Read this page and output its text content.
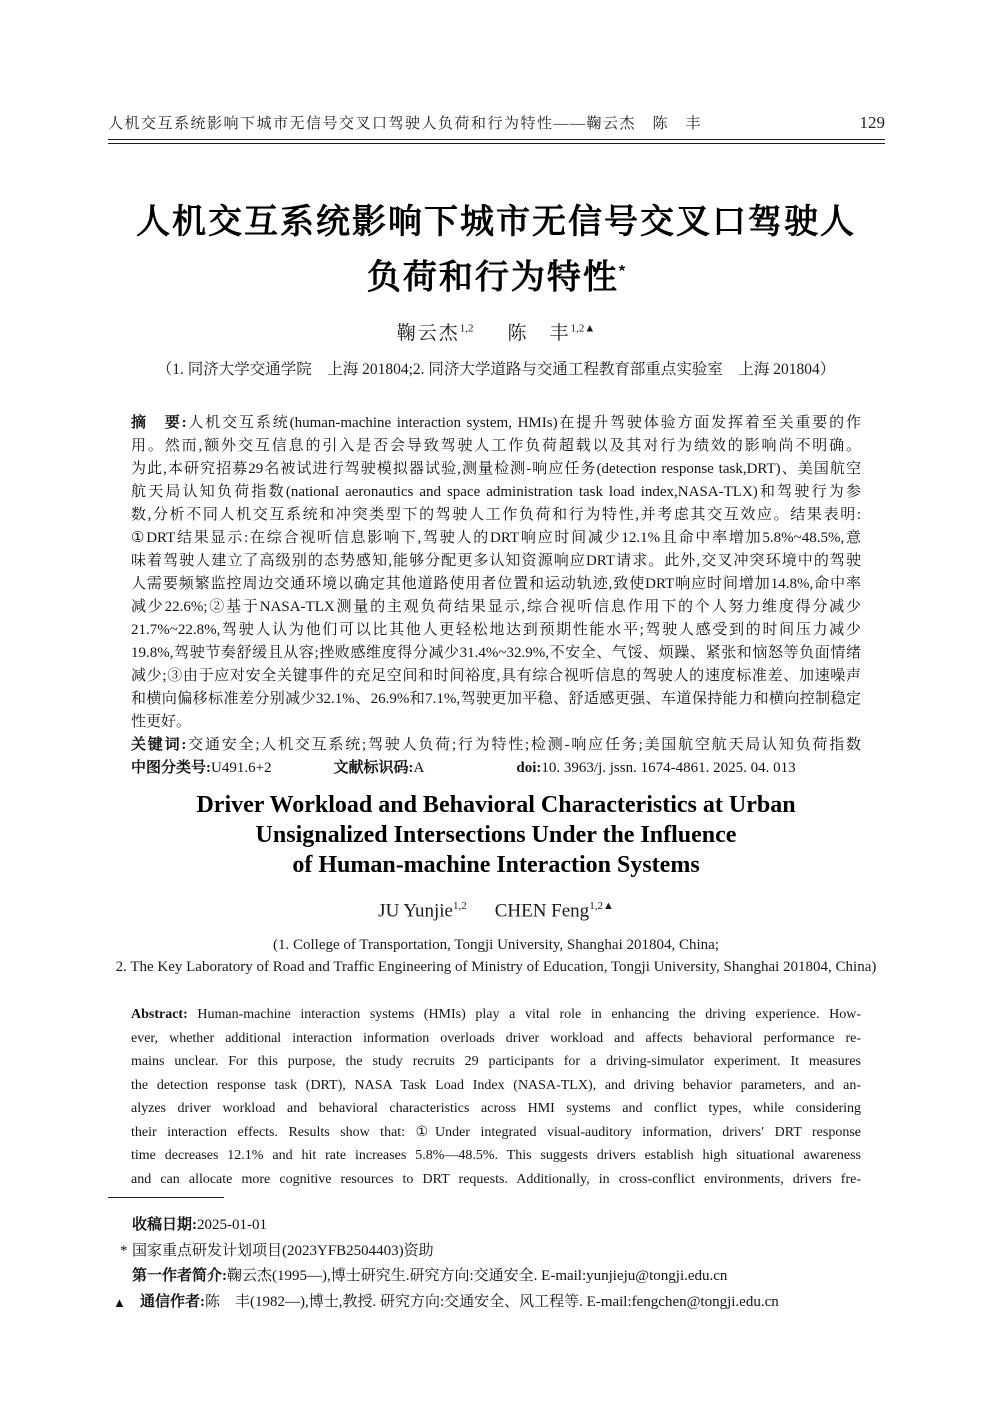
人机交互系统影响下城市无信号交叉口驾驶人负荷和行为特性——鞠云杰　陈　丰	129
人机交互系统影响下城市无信号交叉口驾驶人
负荷和行为特性*
鞠云杰$^{1,2}$ 陈　丰$^{1,2▲}$
（1. 同济大学交通学院　上海 201804;2. 同济大学道路与交通工程教育部重点实验室　上海 201804）
摘　要:人机交互系统(human-machine interaction system, HMIs)在提升驾驶体验方面发挥着至关重要的作
用。然而,额外交互信息的引入是否会导致驾驶人工作负荷超载以及其对行为绩效的影响尚不明确。
为此,本研究招募29名被试进行驾驶模拟器试验,测量检测-响应任务(detection response task,DRT)、美国航空
航天局认知负荷指数(national aeronautics and space administration task load index,NASA-TLX)和驾驶行为参
数,分析不同人机交互系统和冲突类型下的驾驶人工作负荷和行为特性,并考虑其交互效应。结果表明:
①DRT结果显示:在综合视听信息影响下,驾驶人的DRT响应时间减少12.1%且命中率增加5.8%~48.5%,意
味着驾驶人建立了高级别的态势感知,能够分配更多认知资源响应DRT请求。此外,交叉冲突环境中的驾驶
人需要频繁监控周边交通环境以确定其他道路使用者位置和运动轨迹,致使DRT响应时间增加14.8%,命中率
减少22.6%;②基于NASA-TLX测量的主观负荷结果显示,综合视听信息作用下的个人努力维度得分减少
21.7%~22.8%,驾驶人认为他们可以比其他人更轻松地达到预期性能水平;驾驶人感受到的时间压力减少
19.8%,驾驶节奏舒缓且从容;挫败感维度得分减少31.4%~32.9%,不安全、气馁、烦躁、紧张和恼怒等负面情绪
减少;③由于应对安全关键事件的充足空间和时间裕度,具有综合视听信息的驾驶人的速度标准差、加速噪声
和横向偏移标准差分别减少32.1%、26.9%和7.1%,驾驶更加平稳、舒适感更强、车道保持能力和横向控制稳定
性更好。
关键词:交通安全;人机交互系统;驾驶人负荷;行为特性;检测-响应任务;美国航空航天局认知负荷指数
中图分类号:U491.6+2	文献标识码:A	doi:10. 3963/j. jssn. 1674-4861. 2025. 04. 013
Driver Workload and Behavioral Characteristics at Urban
Unsignalized Intersections Under the Influence
of Human-machine Interaction Systems
JU Yunjie$^{1,2}$ CHEN Feng$^{1,2▲}$
(1. College of Transportation, Tongji University, Shanghai 201804, China;
2. The Key Laboratory of Road and Traffic Engineering of Ministry of Education, Tongji University, Shanghai 201804, China)
Abstract: Human-machine interaction systems (HMIs) play a vital role in enhancing the driving experience. How-
ever, whether additional interaction information overloads driver workload and affects behavioral performance re-
mains unclear. For this purpose, the study recruits 29 participants for a driving-simulator experiment. It measures
the detection response task (DRT), NASA Task Load Index (NASA-TLX), and driving behavior parameters, and an-
alyzes driver workload and behavioral characteristics across HMI systems and conflict types, while considering
their interaction effects. Results show that: ①Under integrated visual-auditory information, drivers′ DRT response
time decreases 12.1% and hit rate increases 5.8%—48.5%. This suggests drivers establish high situational awareness
and can allocate more cognitive resources to DRT requests. Additionally, in cross-conflict environments, drivers fre-
收稿日期:2025-01-01
* 国家重点研发计划项目(2023YFB2504403)资助
第一作者简介:鞠云杰(1995—),博士研究生.研究方向:交通安全. E-mail:yunjieju@tongji.edu.cn
▲ 通信作者:陈　丰(1982—),博士,教授. 研究方向:交通安全、风工程等. E-mail:fengchen@tongji.edu.cn
